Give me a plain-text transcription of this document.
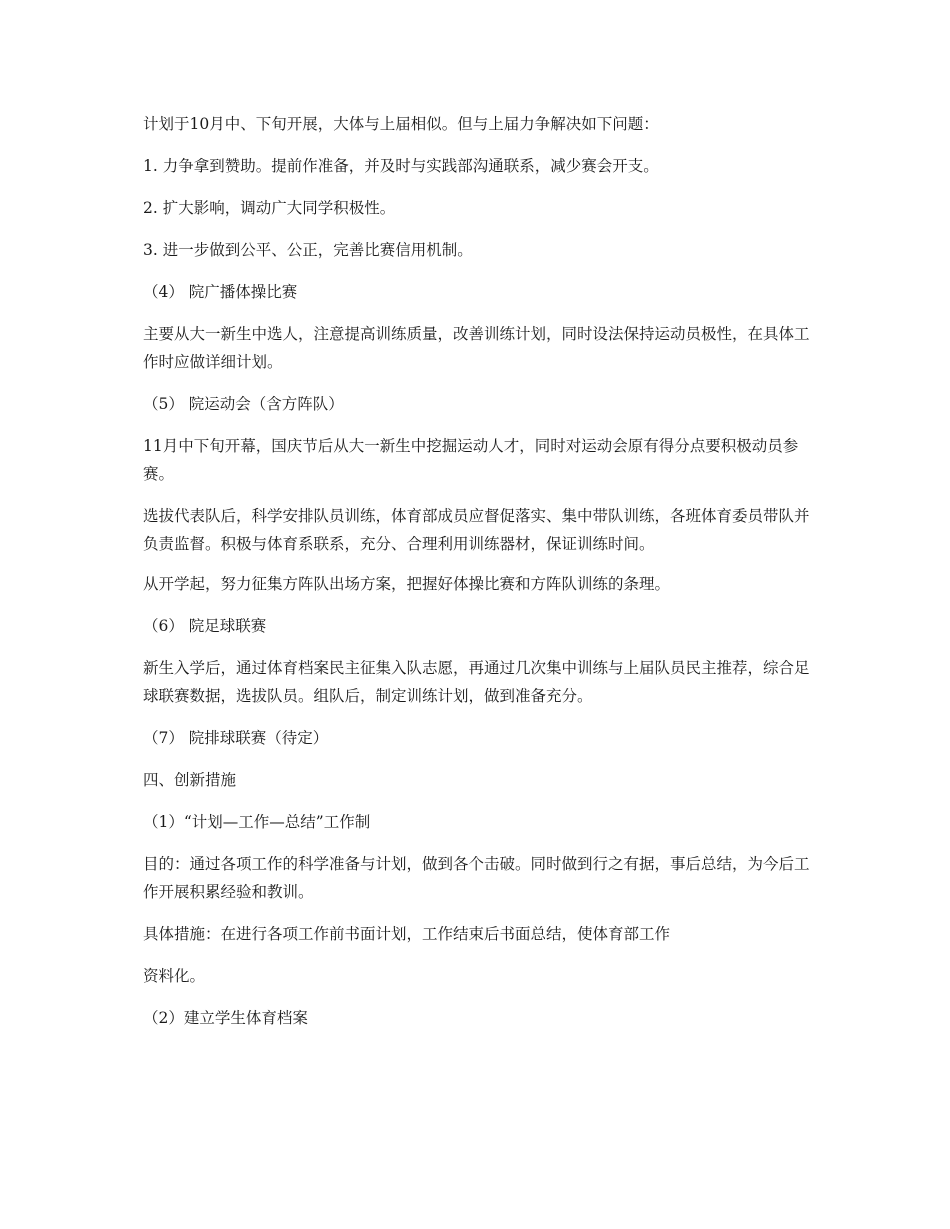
计划于10月中、下旬开展，大体与上届相似。但与上届力争解决如下问题：

1. 力争拿到赞助。提前作准备，并及时与实践部沟通联系，减少赛会开支。

2. 扩大影响，调动广大同学积极性。

3. 进一步做到公平、公正，完善比赛信用机制。

（4） 院广播体操比赛

主要从大一新生中选人，注意提高训练质量，改善训练计划，同时设法保持运动员极性，在具体工作时应做详细计划。

（5） 院运动会（含方阵队）

11月中下旬开幕，国庆节后从大一新生中挖掘运动人才，同时对运动会原有得分点要积极动员参赛。

选拔代表队后，科学安排队员训练，体育部成员应督促落实、集中带队训练，各班体育委员带队并负责监督。积极与体育系联系，充分、合理利用训练器材，保证训练时间。

从开学起，努力征集方阵队出场方案，把握好体操比赛和方阵队训练的条理。

（6） 院足球联赛

新生入学后，通过体育档案民主征集入队志愿，再通过几次集中训练与上届队员民主推荐，综合足球联赛数据，选拔队员。组队后，制定训练计划，做到准备充分。

（7） 院排球联赛（待定）

四、创新措施

（1）“计划—工作—总结”工作制

目的：通过各项工作的科学准备与计划，做到各个击破。同时做到行之有据，事后总结，为今后工作开展积累经验和教训。

具体措施：在进行各项工作前书面计划，工作结束后书面总结，使体育部工作

资料化。

（2）建立学生体育档案
